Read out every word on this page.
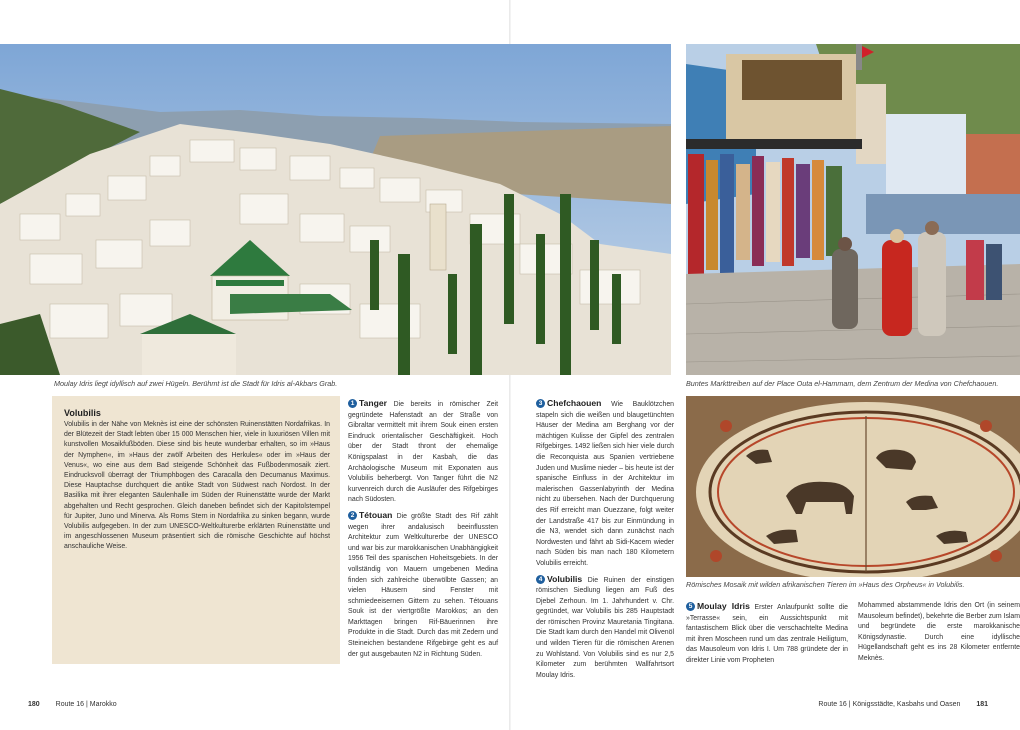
Moulay Idris liegt idyllisch auf zwei Hügeln. Berühmt ist die Stadt für Idris al-Akbars Grab.	Buntes Markttreiben auf der Place Outa el-Hammam, dem Zentrum der Medina von Chefchaouen.
Römisches Mosaik mit wilden afrikanischen Tieren im »Haus des Orpheus« in Volubilis.
Volubilis
Volubilis in der Nähe von Meknès ist eine der schönsten Ruinenstätten Nordafrikas. In der Blütezeit der Stadt lebten über 15 000 Menschen hier, viele in luxuriösen Villen mit kunstvollen Mosaikfußböden. Diese sind bis heute wunderbar erhalten, so im »Haus der Nymphen«, im »Haus der zwölf Arbeiten des Herkules« oder im »Haus der Venus«, wo eine aus dem Bad steigende Schönheit das Fußbodenmosaik ziert. Eindrucksvoll überragt der Triumphbogen des Caracalla den Decumanus Maximus. Diese Hauptachse durchquert die antike Stadt von Südwest nach Nordost. In der Basilika mit ihrer eleganten Säulenhalle im Süden der Ruinenstätte wurde der Markt abgehalten und Recht gesprochen. Gleich daneben befindet sich der Kapitolstempel für Jupiter, Juno und Minerva. Als Roms Stern in Nordafrika zu sinken begann, wurde Volubilis aufgegeben. In der zum UNESCO-Weltkulturerbe erklärten Ruinenstätte und im angeschlossenen Museum präsentiert sich die römische Geschichte auf höchst anschauliche Weise.

1 Tanger Die bereits in römischer Zeit gegründete Hafenstadt an der Straße von Gibraltar vermittelt mit ihrem Souk einen ersten Eindruck orientalischer Geschäftigkeit. Hoch über der Stadt thront der ehemalige Königspalast in der Kasbah, die das Archäologische Museum mit Exponaten aus Volubilis beherbergt. Von Tanger führt die N2 kurvenreich durch die Ausläufer des Rifgebirges nach Südosten.

2 Tétouan Die größte Stadt des Rif zählt wegen ihrer andalusisch beeinflussten Architektur zum Weltkulturerbe der UNESCO und war bis zur marokkanischen Unabhängigkeit 1956 Teil des spanischen Hoheitsgebiets. In der vollständig von Mauern umgebenen Medina finden sich zahlreiche überwölbte Gassen; an vielen Häusern sind Fenster mit schmiedeeisernen Gittern zu sehen. Tétouans Souk ist der viertgrößte Marokkos; an den Markttagen bringen Rif-Bäuerinnen ihre Produkte in die Stadt. Durch das mit Zedern und Steineichen bestandene Rifgebirge geht es auf der gut ausgebauten N2 in Richtung Süden.

3 Chefchaouen Wie Bauklötzchen stapeln sich die weißen und blaugetünchten Häuser der Medina am Berghang vor der mächtigen Kulisse der Gipfel des zentralen Rifgebirges. 1492 ließen sich hier viele durch die Reconquista aus Spanien vertriebene Juden und Muslime nieder – bis heute ist der spanische Einfluss in der Architektur im malerischen Gassenlabyrinth der Medina nicht zu übersehen. Nach der Durchquerung des Rif erreicht man Ouezzane, folgt weiter der Landstraße 417 bis zur Einmündung in die N3, wendet sich dann zunächst nach Nordwesten und fährt ab Sidi-Kacem wieder nach Süden bis man nach 180 Kilometern Volubilis erreicht.

4 Volubilis Die Ruinen der einstigen römischen Siedlung liegen am Fuß des Djebel Zerhoun. Im 1. Jahrhundert v. Chr. gegründet, war Volubilis bis 285 Hauptstadt der römischen Provinz Mauretania Tingitana. Die Stadt kam durch den Handel mit Olivenöl und wilden Tieren für die römischen Arenen zu Wohlstand. Von Volubilis sind es nur 2,5 Kilometer zum berühmten Wallfahrtsort Moulay Idris.

5 Moulay Idris Erster Anlaufpunkt sollte die »Terrasse« sein, ein Aussichtspunkt mit fantastischem Blick über die verschachtelte Medina mit ihren Moscheen rund um das zentrale Heiligtum, das Mausoleum von Idris I. Um 788 gründete der in direkter Linie vom Propheten

Mohammed abstammende Idris den Ort (in seinem Mausoleum befindet), bekehrte die Berber zum Islam und begründete die erste marokkanische Königsdynastie. Durch eine idyllische Hügellandschaft geht es ins 28 Kilometer entfernte Meknès.

180 Route 16 | Marokko	Route 16 | Königsstädte, Kasbahs und Oasen 181
